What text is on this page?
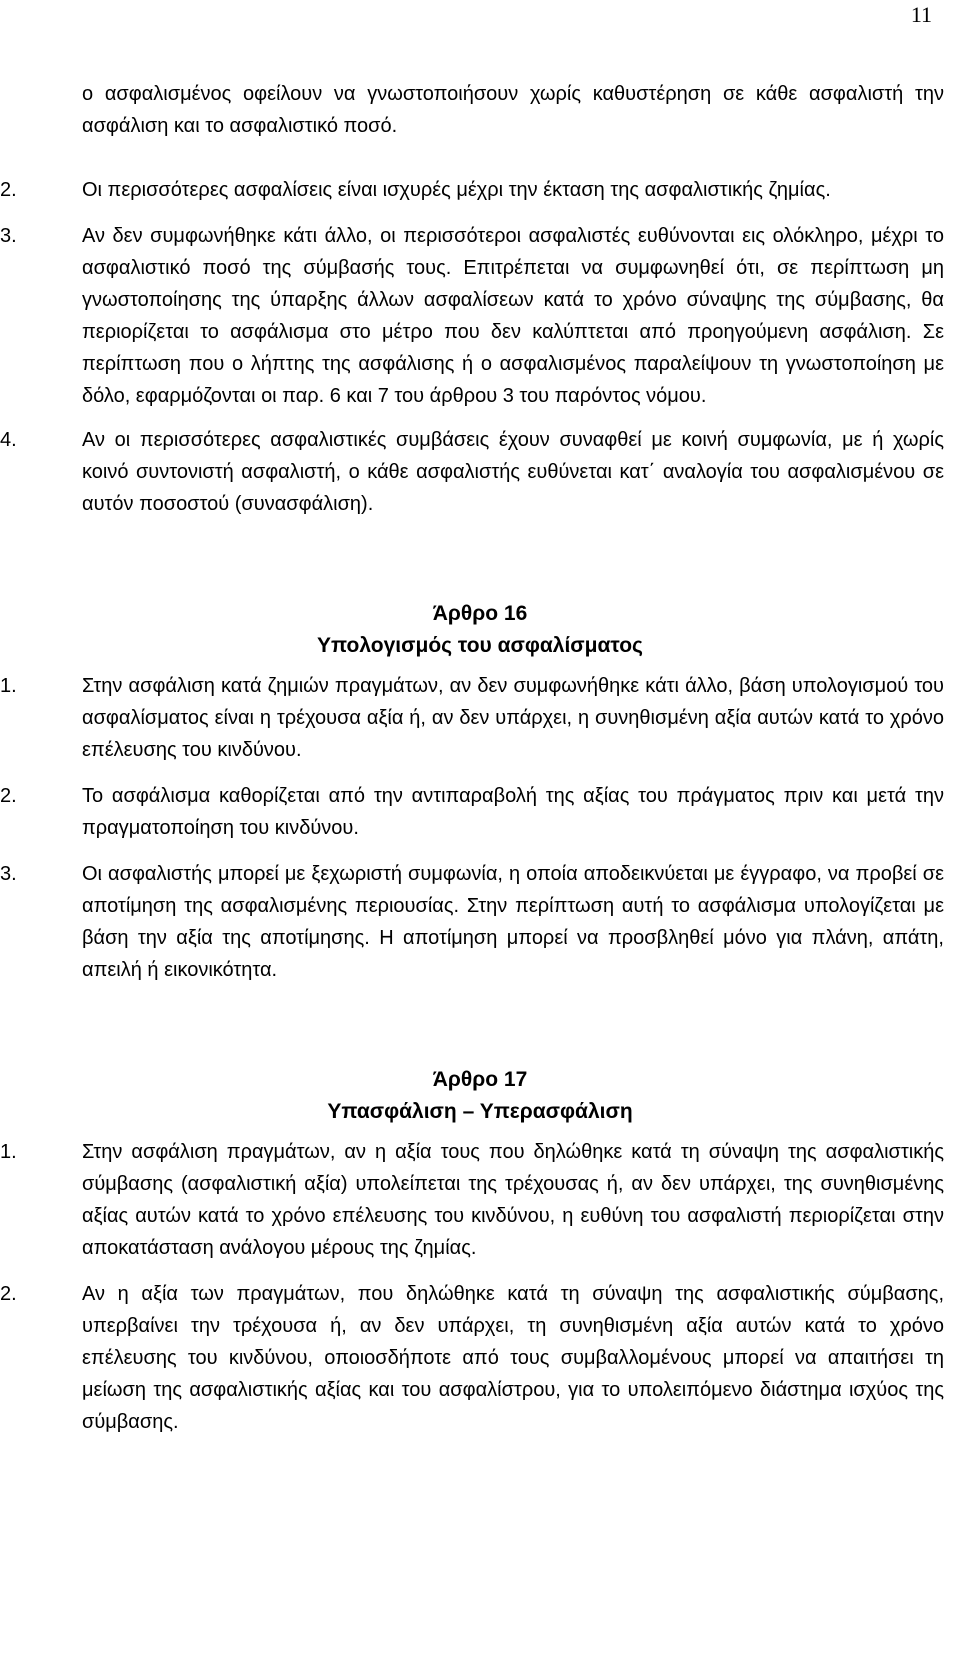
11
ο ασφαλισμένος οφείλουν να γνωστοποιήσουν χωρίς καθυστέρηση σε κάθε ασφαλιστή την ασφάλιση και το ασφαλιστικό ποσό.
2.	Οι περισσότερες ασφαλίσεις είναι ισχυρές μέχρι την έκταση της ασφαλιστικής ζημίας.
3.	Αν δεν συμφωνήθηκε κάτι άλλο, οι περισσότεροι ασφαλιστές ευθύνονται εις ολόκληρο, μέχρι το ασφαλιστικό ποσό της σύμβασής τους. Επιτρέπεται να συμφωνηθεί ότι, σε περίπτωση μη γνωστοποίησης της ύπαρξης άλλων ασφαλίσεων κατά το χρόνο σύναψης της σύμβασης, θα περιορίζεται το ασφάλισμα στο μέτρο που δεν καλύπτεται από προηγούμενη ασφάλιση. Σε περίπτωση που ο λήπτης της ασφάλισης ή ο ασφαλισμένος παραλείψουν τη γνωστοποίηση με δόλο, εφαρμόζονται οι παρ. 6 και 7 του άρθρου 3 του παρόντος νόμου.
4.	Αν οι περισσότερες ασφαλιστικές συμβάσεις έχουν συναφθεί με κοινή συμφωνία, με ή χωρίς κοινό συντονιστή ασφαλιστή, ο κάθε ασφαλιστής ευθύνεται κατ΄ αναλογία του ασφαλισμένου σε αυτόν ποσοστού (συνασφάλιση).
Άρθρο 16
Υπολογισμός του ασφαλίσματος
1.	Στην ασφάλιση κατά ζημιών πραγμάτων, αν δεν συμφωνήθηκε κάτι άλλο, βάση υπολογισμού του ασφαλίσματος είναι η τρέχουσα αξία ή, αν δεν υπάρχει, η συνηθισμένη αξία αυτών κατά το χρόνο επέλευσης του κινδύνου.
2.	Το ασφάλισμα καθορίζεται από την αντιπαραβολή της αξίας του πράγματος πριν και μετά την πραγματοποίηση του κινδύνου.
3.	Οι ασφαλιστής μπορεί με ξεχωριστή συμφωνία, η οποία αποδεικνύεται με έγγραφο, να προβεί σε αποτίμηση της ασφαλισμένης περιουσίας. Στην περίπτωση αυτή το ασφάλισμα υπολογίζεται με βάση την αξία της αποτίμησης. Η αποτίμηση μπορεί να προσβληθεί μόνο για πλάνη, απάτη, απειλή ή εικονικότητα.
Άρθρο 17
Υπασφάλιση – Υπερασφάλιση
1.	Στην ασφάλιση πραγμάτων, αν η αξία τους που δηλώθηκε κατά τη σύναψη της ασφαλιστικής σύμβασης (ασφαλιστική αξία) υπολείπεται της τρέχουσας ή, αν δεν υπάρχει, της συνηθισμένης αξίας αυτών κατά το χρόνο επέλευσης του κινδύνου, η ευθύνη του ασφαλιστή περιορίζεται στην αποκατάσταση ανάλογου μέρους της ζημίας.
2.	Αν η αξία των πραγμάτων, που δηλώθηκε κατά τη σύναψη της ασφαλιστικής σύμβασης, υπερβαίνει την τρέχουσα ή, αν δεν υπάρχει, τη συνηθισμένη αξία αυτών κατά το χρόνο επέλευσης του κινδύνου, οποιοσδήποτε από τους συμβαλλομένους μπορεί να απαιτήσει τη μείωση της ασφαλιστικής αξίας και του ασφαλίστρου, για το υπολειπόμενο διάστημα ισχύος της σύμβασης.
